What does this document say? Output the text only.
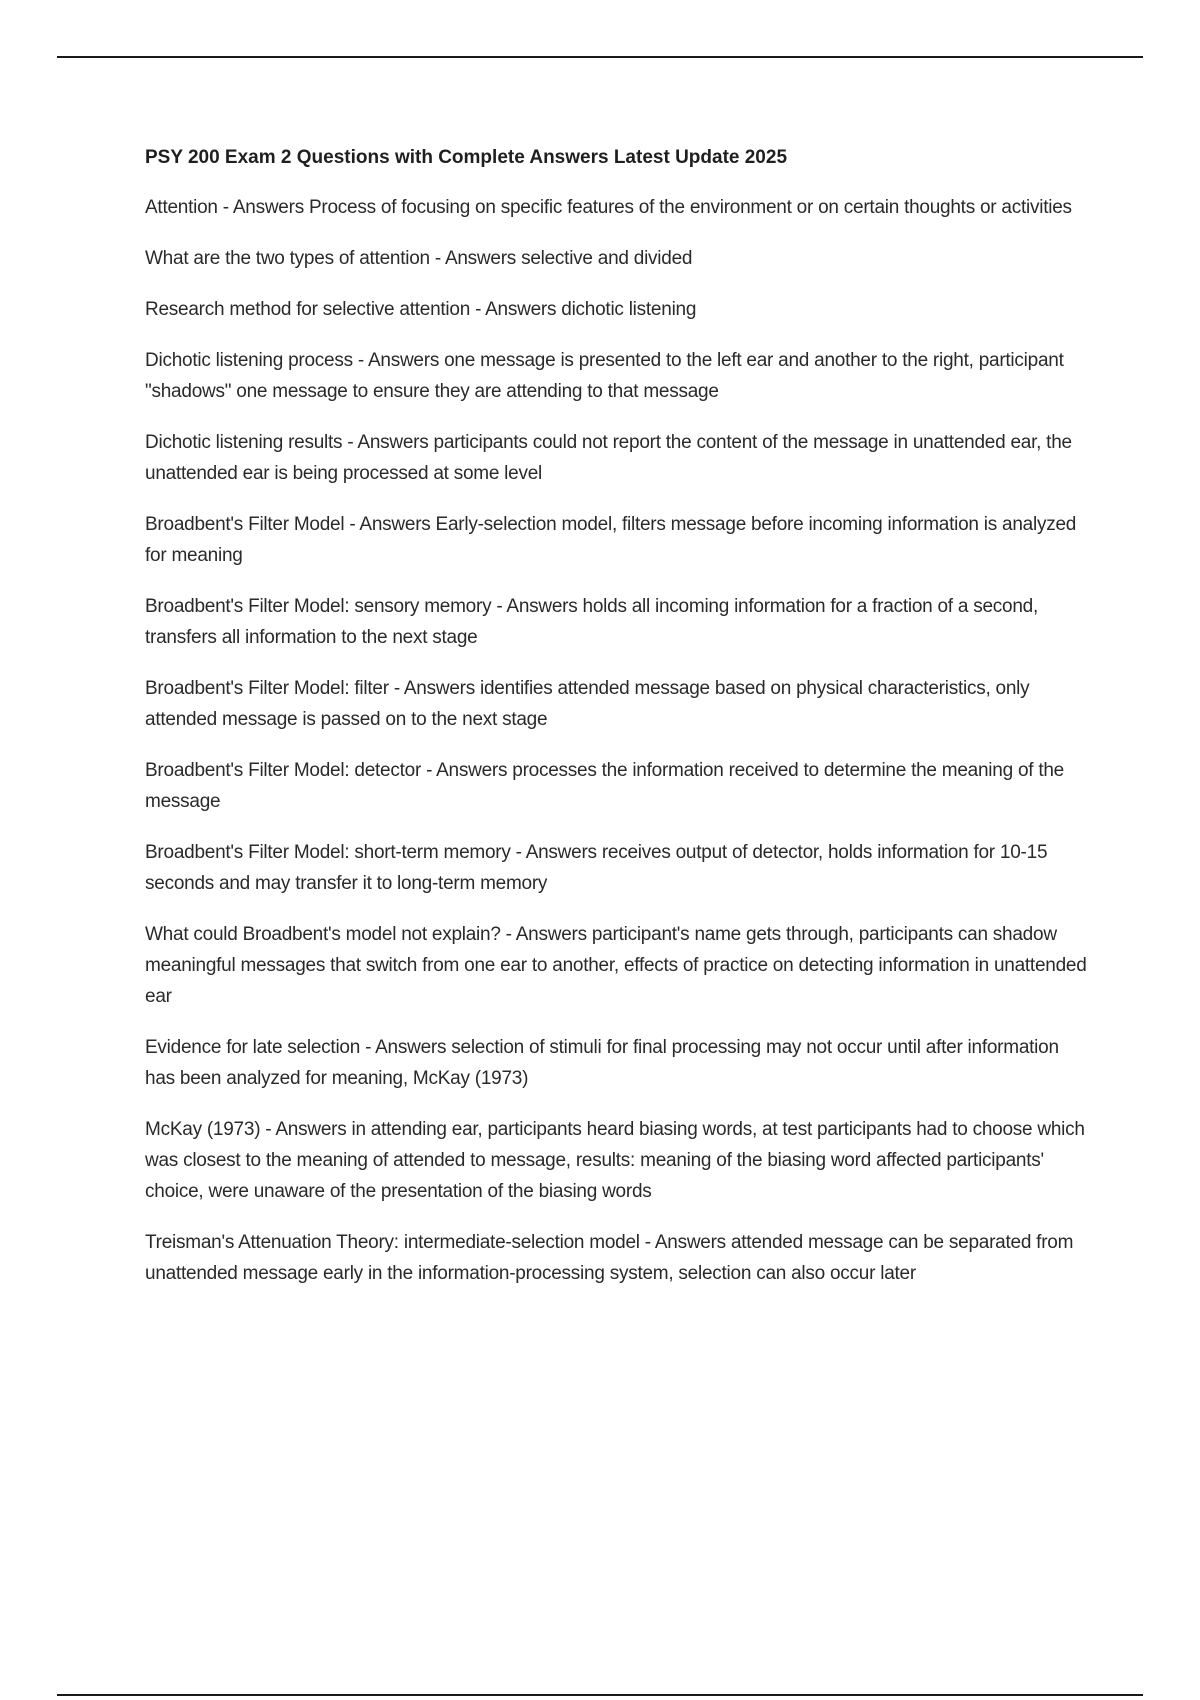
PSY 200 Exam 2 Questions with Complete Answers Latest Update 2025

Attention - Answers Process of focusing on specific features of the environment or on certain thoughts or activities

What are the two types of attention - Answers selective and divided

Research method for selective attention - Answers dichotic listening

Dichotic listening process - Answers one message is presented to the left ear and another to the right, participant "shadows" one message to ensure they are attending to that message

Dichotic listening results - Answers participants could not report the content of the message in unattended ear, the unattended ear is being processed at some level

Broadbent's Filter Model - Answers Early-selection model, filters message before incoming information is analyzed for meaning

Broadbent's Filter Model: sensory memory - Answers holds all incoming information for a fraction of a second, transfers all information to the next stage

Broadbent's Filter Model: filter - Answers identifies attended message based on physical characteristics, only attended message is passed on to the next stage

Broadbent's Filter Model: detector - Answers processes the information received to determine the meaning of the message

Broadbent's Filter Model: short-term memory - Answers receives output of detector, holds information for 10-15 seconds and may transfer it to long-term memory

What could Broadbent's model not explain? - Answers participant's name gets through, participants can shadow meaningful messages that switch from one ear to another, effects of practice on detecting information in unattended ear

Evidence for late selection - Answers selection of stimuli for final processing may not occur until after information has been analyzed for meaning, McKay (1973)

McKay (1973) - Answers in attending ear, participants heard biasing words, at test participants had to choose which was closest to the meaning of attended to message, results: meaning of the biasing word affected participants' choice, were unaware of the presentation of the biasing words

Treisman's Attenuation Theory: intermediate-selection model - Answers attended message can be separated from unattended message early in the information-processing system, selection can also occur later
